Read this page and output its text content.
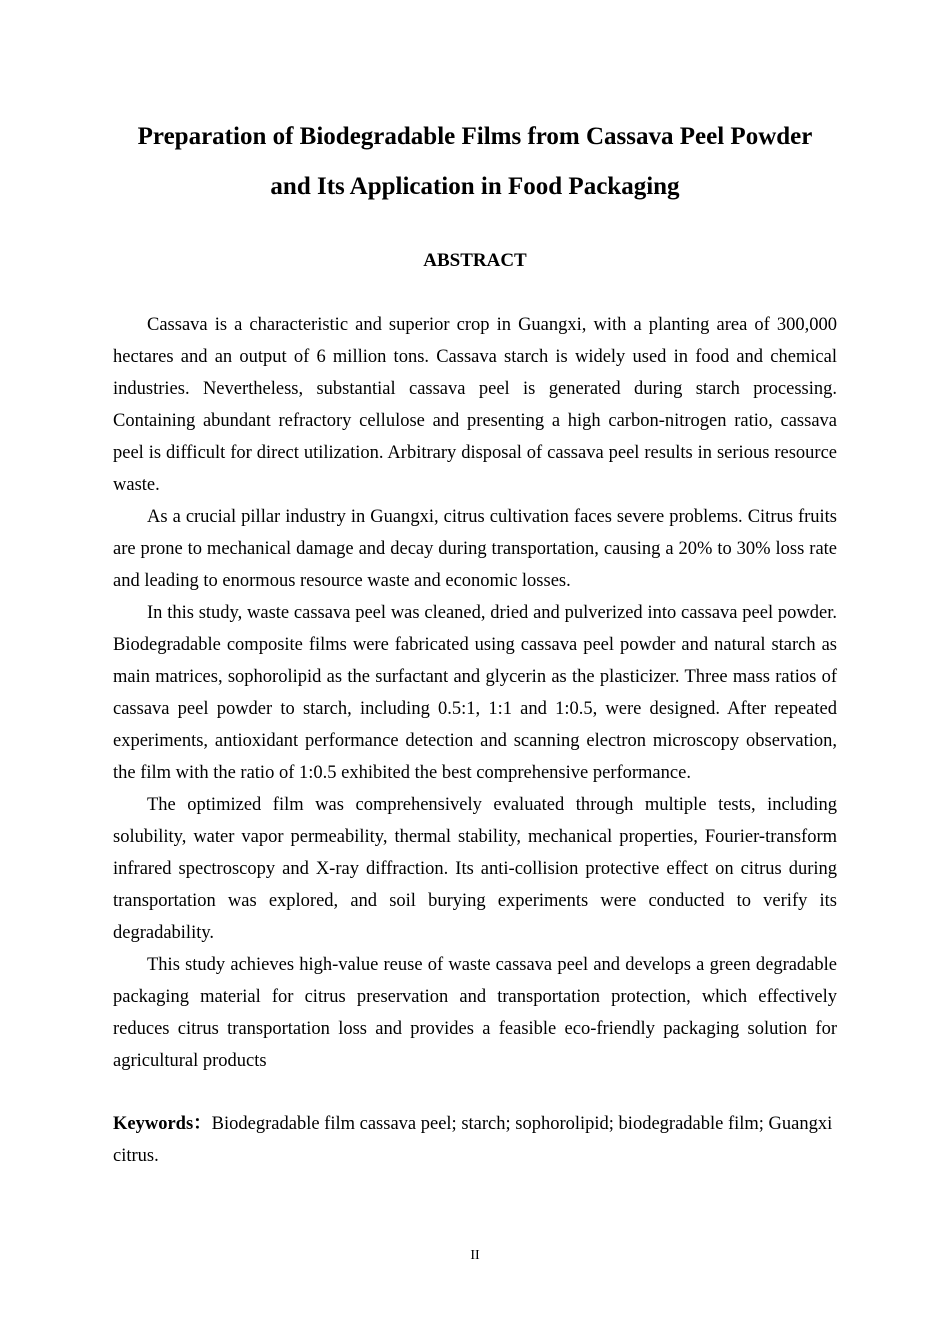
Preparation of Biodegradable Films from Cassava Peel Powder
and Its Application in Food Packaging
ABSTRACT

Cassava is a characteristic and superior crop in Guangxi, with a planting area of 300,000 hectares and an output of 6 million tons. Cassava starch is widely used in food and chemical industries. Nevertheless, substantial cassava peel is generated during starch processing. Containing abundant refractory cellulose and presenting a high carbon-nitrogen ratio, cassava peel is difficult for direct utilization. Arbitrary disposal of cassava peel results in serious resource waste.

As a crucial pillar industry in Guangxi, citrus cultivation faces severe problems. Citrus fruits are prone to mechanical damage and decay during transportation, causing a 20% to 30% loss rate and leading to enormous resource waste and economic losses.

In this study, waste cassava peel was cleaned, dried and pulverized into cassava peel powder. Biodegradable composite films were fabricated using cassava peel powder and natural starch as main matrices, sophorolipid as the surfactant and glycerin as the plasticizer. Three mass ratios of cassava peel powder to starch, including 0.5:1, 1:1 and 1:0.5, were designed. After repeated experiments, antioxidant performance detection and scanning electron microscopy observation, the film with the ratio of 1:0.5 exhibited the best comprehensive performance.

The optimized film was comprehensively evaluated through multiple tests, including solubility, water vapor permeability, thermal stability, mechanical properties, Fourier-transform infrared spectroscopy and X-ray diffraction. Its anti-collision protective effect on citrus during transportation was explored, and soil burying experiments were conducted to verify its degradability.

This study achieves high-value reuse of waste cassava peel and develops a green degradable packaging material for citrus preservation and transportation protection, which effectively reduces citrus transportation loss and provides a feasible eco-friendly packaging solution for agricultural products

Keywords：Biodegradable film cassava peel; starch; sophorolipid; biodegradable film; Guangxi citrus.

II
